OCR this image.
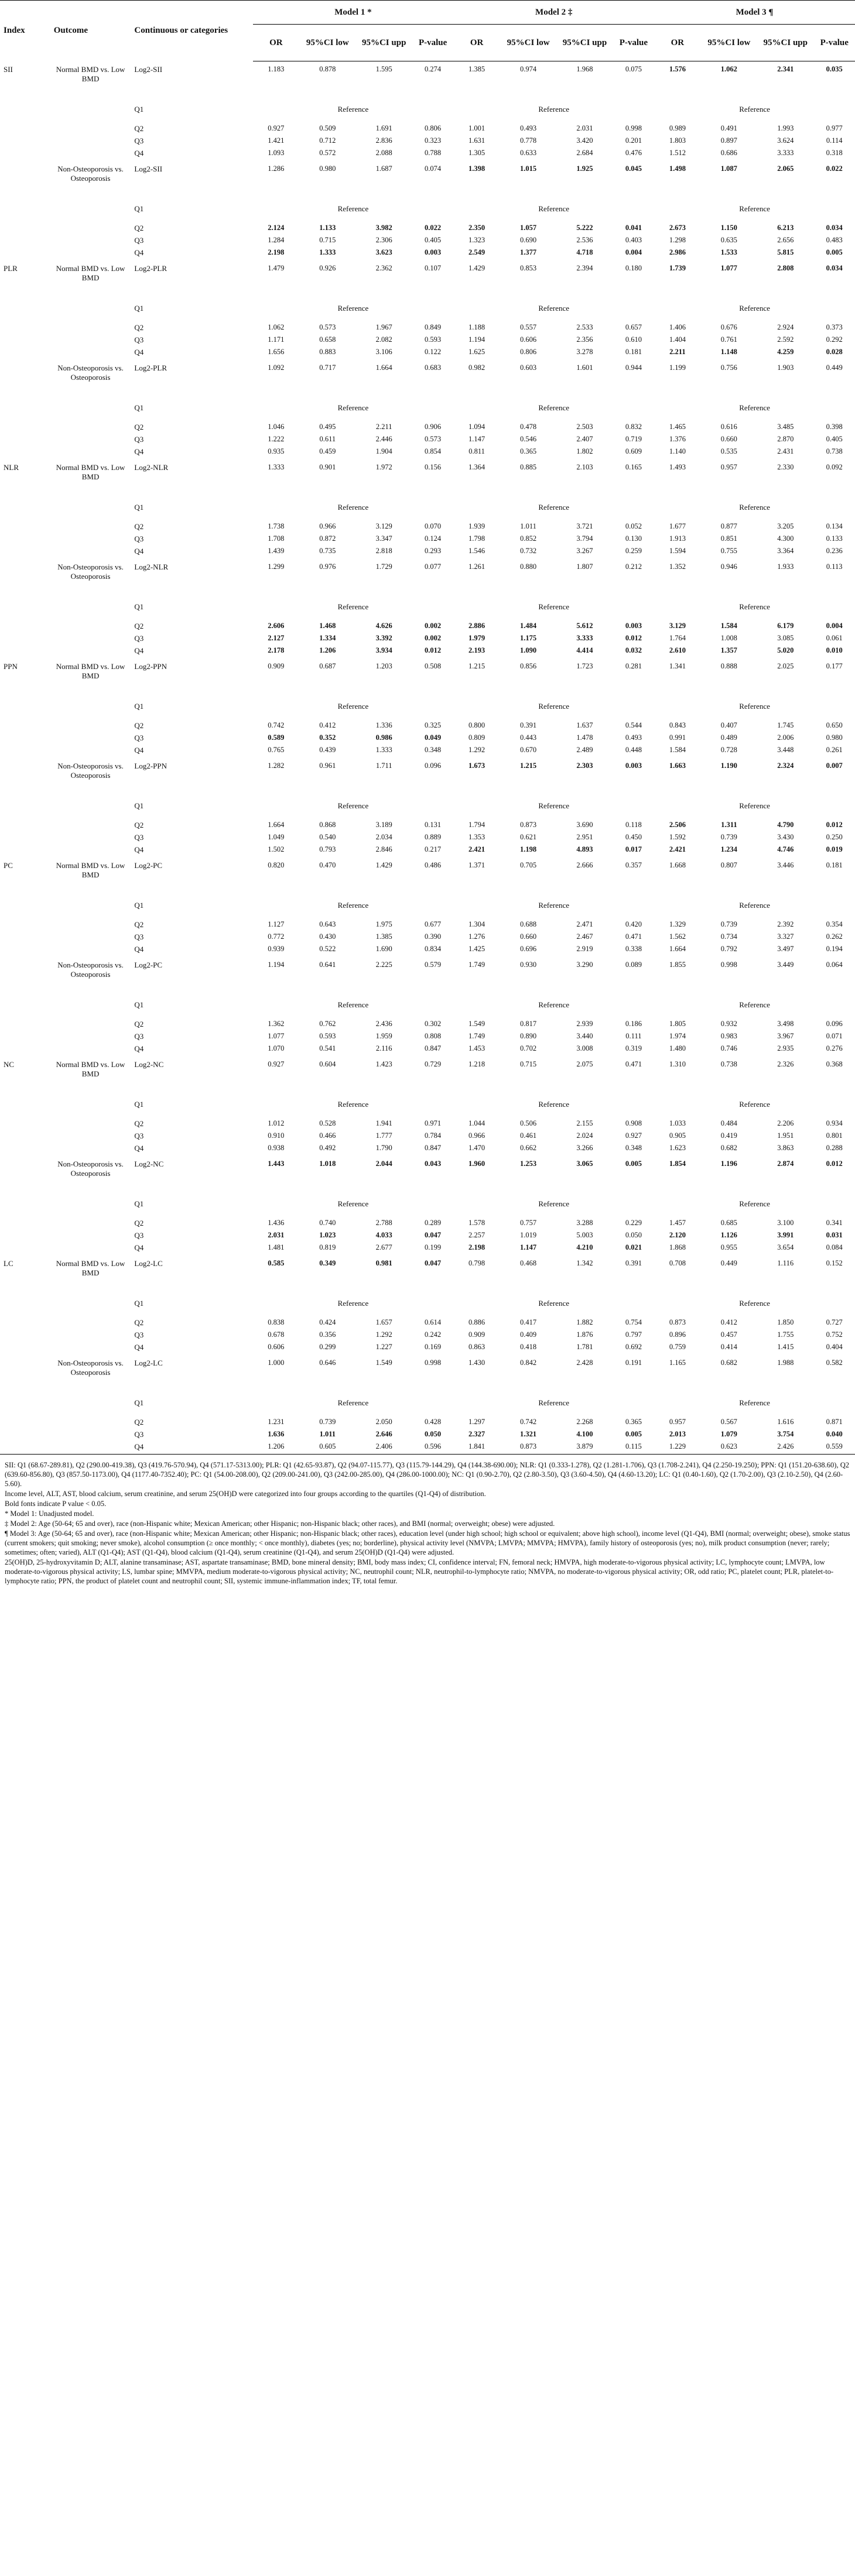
Index	Outcome	Continuous or categories	Model 1 *				Model 2 ‡				Model 3 ¶			
			OR	95%CI low	95%CI upp	P-value	OR	95%CI low	95%CI upp	P-value	OR	95%CI low	95%CI upp	P-value
SII	Normal BMD vs. Low BMD	Log2-SII	1.183	0.878	1.595	0.274	1.385	0.974	1.968	0.075	1.576	1.062	2.341	0.035
		Q1	Reference				Reference				Reference			
		Q2	0.927	0.509	1.691	0.806	1.001	0.493	2.031	0.998	0.989	0.491	1.993	0.977
		Q3	1.421	0.712	2.836	0.323	1.631	0.778	3.420	0.201	1.803	0.897	3.624	0.114
		Q4	1.093	0.572	2.088	0.788	1.305	0.633	2.684	0.476	1.512	0.686	3.333	0.318
	Non-Osteoporosis vs. Osteoporosis	Log2-SII	1.286	0.980	1.687	0.074	1.398	1.015	1.925	0.045	1.498	1.087	2.065	0.022
		Q1	Reference				Reference				Reference			
		Q2	2.124	1.133	3.982	0.022	2.350	1.057	5.222	0.041	2.673	1.150	6.213	0.034
		Q3	1.284	0.715	2.306	0.405	1.323	0.690	2.536	0.403	1.298	0.635	2.656	0.483
		Q4	2.198	1.333	3.623	0.003	2.549	1.377	4.718	0.004	2.986	1.533	5.815	0.005
PLR	Normal BMD vs. Low BMD	Log2-PLR	1.479	0.926	2.362	0.107	1.429	0.853	2.394	0.180	1.739	1.077	2.808	0.034
		Q1	Reference				Reference				Reference			
		Q2	1.062	0.573	1.967	0.849	1.188	0.557	2.533	0.657	1.406	0.676	2.924	0.373
		Q3	1.171	0.658	2.082	0.593	1.194	0.606	2.356	0.610	1.404	0.761	2.592	0.292
		Q4	1.656	0.883	3.106	0.122	1.625	0.806	3.278	0.181	2.211	1.148	4.259	0.028
	Non-Osteoporosis vs. Osteoporosis	Log2-PLR	1.092	0.717	1.664	0.683	0.982	0.603	1.601	0.944	1.199	0.756	1.903	0.449
		Q1	Reference				Reference				Reference			
		Q2	1.046	0.495	2.211	0.906	1.094	0.478	2.503	0.832	1.465	0.616	3.485	0.398
		Q3	1.222	0.611	2.446	0.573	1.147	0.546	2.407	0.719	1.376	0.660	2.870	0.405
		Q4	0.935	0.459	1.904	0.854	0.811	0.365	1.802	0.609	1.140	0.535	2.431	0.738
NLR	Normal BMD vs. Low BMD	Log2-NLR	1.333	0.901	1.972	0.156	1.364	0.885	2.103	0.165	1.493	0.957	2.330	0.092
		Q1	Reference				Reference				Reference			
		Q2	1.738	0.966	3.129	0.070	1.939	1.011	3.721	0.052	1.677	0.877	3.205	0.134
		Q3	1.708	0.872	3.347	0.124	1.798	0.852	3.794	0.130	1.913	0.851	4.300	0.133
		Q4	1.439	0.735	2.818	0.293	1.546	0.732	3.267	0.259	1.594	0.755	3.364	0.236
	Non-Osteoporosis vs. Osteoporosis	Log2-NLR	1.299	0.976	1.729	0.077	1.261	0.880	1.807	0.212	1.352	0.946	1.933	0.113
		Q1	Reference				Reference				Reference			
		Q2	2.606	1.468	4.626	0.002	2.886	1.484	5.612	0.003	3.129	1.584	6.179	0.004
		Q3	2.127	1.334	3.392	0.002	1.979	1.175	3.333	0.012	1.764	1.008	3.085	0.061
		Q4	2.178	1.206	3.934	0.012	2.193	1.090	4.414	0.032	2.610	1.357	5.020	0.010
PPN	Normal BMD vs. Low BMD	Log2-PPN	0.909	0.687	1.203	0.508	1.215	0.856	1.723	0.281	1.341	0.888	2.025	0.177
		Q1	Reference				Reference				Reference			
		Q2	0.742	0.412	1.336	0.325	0.800	0.391	1.637	0.544	0.843	0.407	1.745	0.650
		Q3	0.589	0.352	0.986	0.049	0.809	0.443	1.478	0.493	0.991	0.489	2.006	0.980
		Q4	0.765	0.439	1.333	0.348	1.292	0.670	2.489	0.448	1.584	0.728	3.448	0.261
	Non-Osteoporosis vs. Osteoporosis	Log2-PPN	1.282	0.961	1.711	0.096	1.673	1.215	2.303	0.003	1.663	1.190	2.324	0.007
		Q1	Reference				Reference				Reference			
		Q2	1.664	0.868	3.189	0.131	1.794	0.873	3.690	0.118	2.506	1.311	4.790	0.012
		Q3	1.049	0.540	2.034	0.889	1.353	0.621	2.951	0.450	1.592	0.739	3.430	0.250
		Q4	1.502	0.793	2.846	0.217	2.421	1.198	4.893	0.017	2.421	1.234	4.746	0.019
PC	Normal BMD vs. Low BMD	Log2-PC	0.820	0.470	1.429	0.486	1.371	0.705	2.666	0.357	1.668	0.807	3.446	0.181
		Q1	Reference				Reference				Reference			
		Q2	1.127	0.643	1.975	0.677	1.304	0.688	2.471	0.420	1.329	0.739	2.392	0.354
		Q3	0.772	0.430	1.385	0.390	1.276	0.660	2.467	0.471	1.562	0.734	3.327	0.262
		Q4	0.939	0.522	1.690	0.834	1.425	0.696	2.919	0.338	1.664	0.792	3.497	0.194
	Non-Osteoporosis vs. Osteoporosis	Log2-PC	1.194	0.641	2.225	0.579	1.749	0.930	3.290	0.089	1.855	0.998	3.449	0.064
		Q1	Reference				Reference				Reference			
		Q2	1.362	0.762	2.436	0.302	1.549	0.817	2.939	0.186	1.805	0.932	3.498	0.096
		Q3	1.077	0.593	1.959	0.808	1.749	0.890	3.440	0.111	1.974	0.983	3.967	0.071
		Q4	1.070	0.541	2.116	0.847	1.453	0.702	3.008	0.319	1.480	0.746	2.935	0.276
NC	Normal BMD vs. Low BMD	Log2-NC	0.927	0.604	1.423	0.729	1.218	0.715	2.075	0.471	1.310	0.738	2.326	0.368
		Q1	Reference				Reference				Reference			
		Q2	1.012	0.528	1.941	0.971	1.044	0.506	2.155	0.908	1.033	0.484	2.206	0.934
		Q3	0.910	0.466	1.777	0.784	0.966	0.461	2.024	0.927	0.905	0.419	1.951	0.801
		Q4	0.938	0.492	1.790	0.847	1.470	0.662	3.266	0.348	1.623	0.682	3.863	0.288
	Non-Osteoporosis vs. Osteoporosis	Log2-NC	1.443	1.018	2.044	0.043	1.960	1.253	3.065	0.005	1.854	1.196	2.874	0.012
		Q1	Reference				Reference				Reference			
		Q2	1.436	0.740	2.788	0.289	1.578	0.757	3.288	0.229	1.457	0.685	3.100	0.341
		Q3	2.031	1.023	4.033	0.047	2.257	1.019	5.003	0.050	2.120	1.126	3.991	0.031
		Q4	1.481	0.819	2.677	0.199	2.198	1.147	4.210	0.021	1.868	0.955	3.654	0.084
LC	Normal BMD vs. Low BMD	Log2-LC	0.585	0.349	0.981	0.047	0.798	0.468	1.342	0.391	0.708	0.449	1.116	0.152
		Q1	Reference				Reference				Reference			
		Q2	0.838	0.424	1.657	0.614	0.886	0.417	1.882	0.754	0.873	0.412	1.850	0.727
		Q3	0.678	0.356	1.292	0.242	0.909	0.409	1.876	0.797	0.896	0.457	1.755	0.752
		Q4	0.606	0.299	1.227	0.169	0.863	0.418	1.781	0.692	0.759	0.414	1.415	0.404
	Non-Osteoporosis vs. Osteoporosis	Log2-LC	1.000	0.646	1.549	0.998	1.430	0.842	2.428	0.191	1.165	0.682	1.988	0.582
		Q1	Reference				Reference				Reference			
		Q2	1.231	0.739	2.050	0.428	1.297	0.742	2.268	0.365	0.957	0.567	1.616	0.871
		Q3	1.636	1.011	2.646	0.050	2.327	1.321	4.100	0.005	2.013	1.079	3.754	0.040
		Q4	1.206	0.605	2.406	0.596	1.841	0.873	3.879	0.115	1.229	0.623	2.426	0.559

SII: Q1 (68.67-289.81), Q2 (290.00-419.38), Q3 (419.76-570.94), Q4 (571.17-5313.00); PLR: Q1 (42.65-93.87), Q2 (94.07-115.77), Q3 (115.79-144.29), Q4 (144.38-690.00); NLR: Q1 (0.333-1.278), Q2 (1.281-1.706), Q3 (1.708-2.241), Q4 (2.250-19.250); PPN: Q1 (151.20-638.60), Q2 (639.60-856.80), Q3 (857.50-1173.00), Q4 (1177.40-7352.40); PC: Q1 (54.00-208.00), Q2 (209.00-241.00), Q3 (242.00-285.00), Q4 (286.00-1000.00); NC: Q1 (0.90-2.70), Q2 (2.80-3.50), Q3 (3.60-4.50), Q4 (4.60-13.20); LC: Q1 (0.40-1.60), Q2 (1.70-2.00), Q3 (2.10-2.50), Q4 (2.60-5.60).

Income level, ALT, AST, blood calcium, serum creatinine, and serum 25(OH)D were categorized into four groups according to the quartiles (Q1-Q4) of distribution.

Bold fonts indicate P value < 0.05.

* Model 1: Unadjusted model.

‡ Model 2: Age (50-64; 65 and over), race (non-Hispanic white; Mexican American; other Hispanic; non-Hispanic black; other races), and BMI (normal; overweight; obese) were adjusted.

¶ Model 3: Age (50-64; 65 and over), race (non-Hispanic white; Mexican American; other Hispanic; non-Hispanic black; other races), education level (under high school; high school or equivalent; above high school), income level (Q1-Q4), BMI (normal; overweight; obese), smoke status (current smokers; quit smoking; never smoke), alcohol consumption (≥ once monthly; < once monthly), diabetes (yes; no; borderline), physical activity level (NMVPA; LMVPA; MMVPA; HMVPA), family history of osteoporosis (yes; no), milk product consumption (never; rarely; sometimes; often; varied), ALT (Q1-Q4); AST (Q1-Q4), blood calcium (Q1-Q4), serum creatinine (Q1-Q4), and serum 25(OH)D (Q1-Q4) were adjusted.

25(OH)D, 25-hydroxyvitamin D; ALT, alanine transaminase; AST, aspartate transaminase; BMD, bone mineral density; BMI, body mass index; CI, confidence interval; FN, femoral neck; HMVPA, high moderate-to-vigorous physical activity; LC, lymphocyte count; LMVPA, low moderate-to-vigorous physical activity; LS, lumbar spine; MMVPA, medium moderate-to-vigorous physical activity; NC, neutrophil count; NLR, neutrophil-to-lymphocyte ratio; NMVPA, no moderate-to-vigorous physical activity; OR, odd ratio; PC, platelet count; PLR, platelet-to-lymphocyte ratio; PPN, the product of platelet count and neutrophil count; SII, systemic immune-inflammation index; TF, total femur.
